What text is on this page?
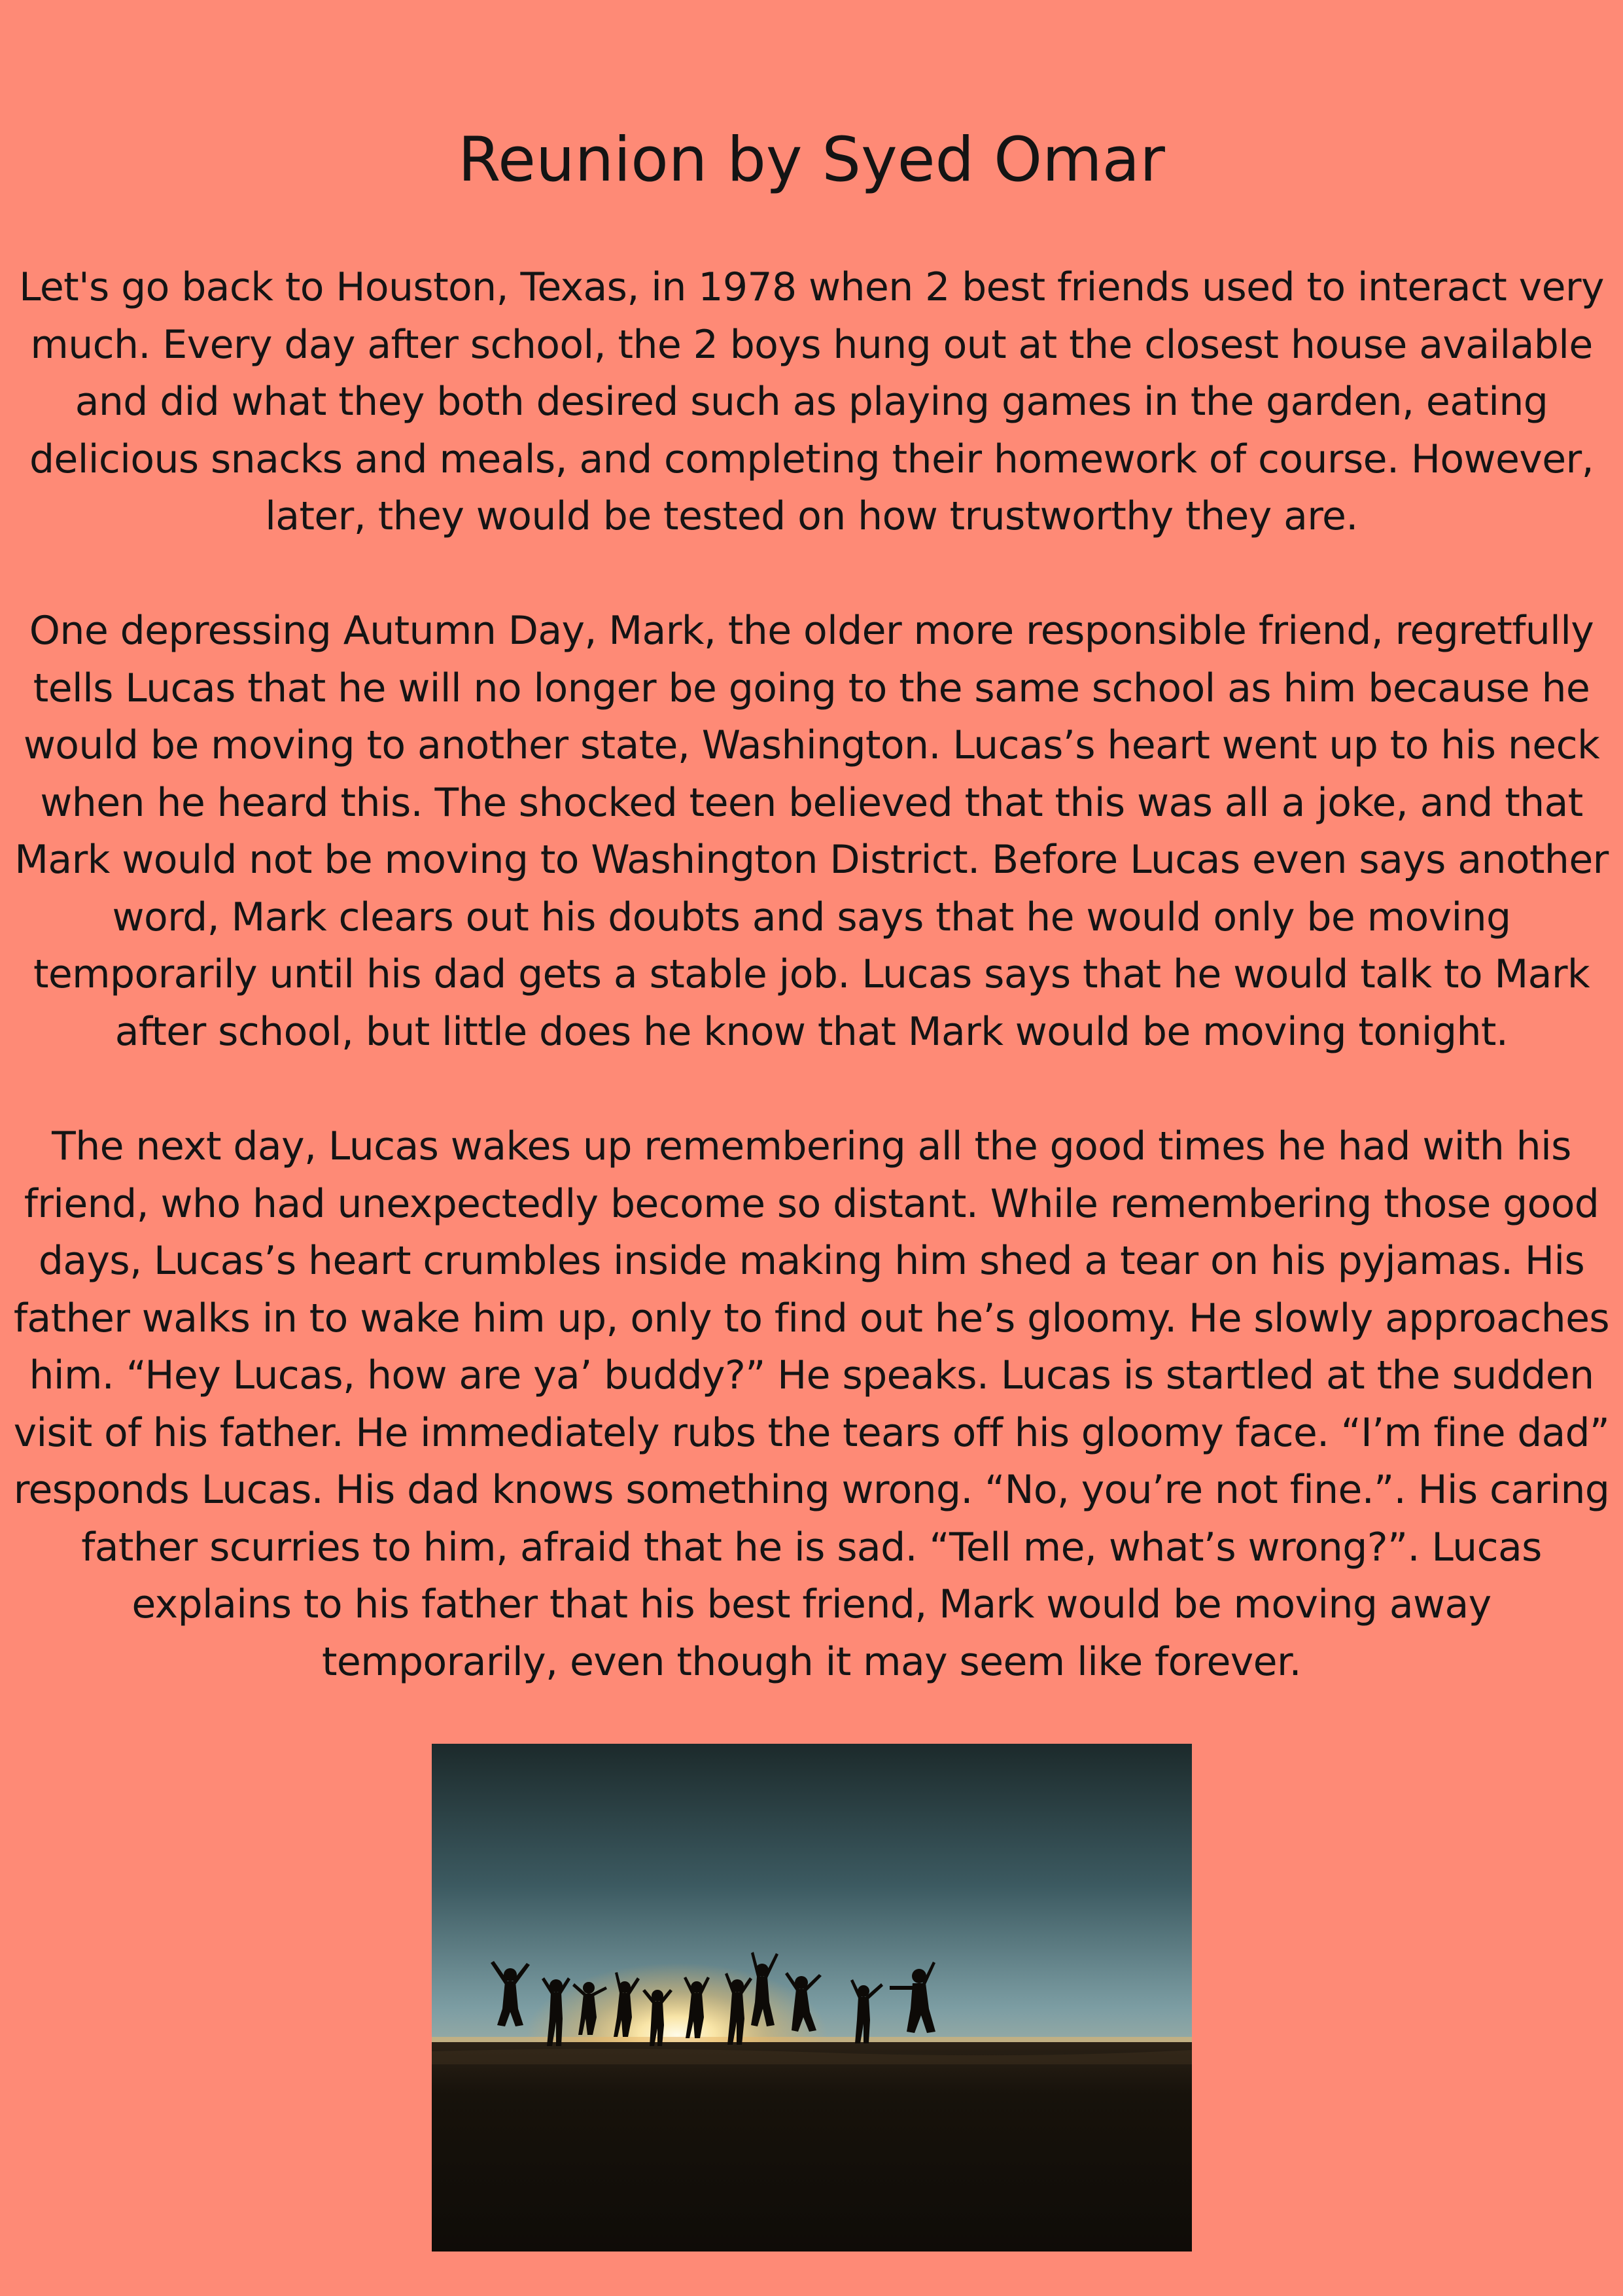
Reunion by Syed Omar

Let's go back to Houston, Texas, in 1978 when 2 best friends used to interact very
much. Every day after school, the 2 boys hung out at the closest house available
and did what they both desired such as playing games in the garden, eating
delicious snacks and meals, and completing their homework of course. However,
later, they would be tested on how trustworthy they are.

One depressing Autumn Day, Mark, the older more responsible friend, regretfully
tells Lucas that he will no longer be going to the same school as him because he
would be moving to another state, Washington. Lucas’s heart went up to his neck
when he heard this. The shocked teen believed that this was all a joke, and that
Mark would not be moving to Washington District. Before Lucas even says another
word, Mark clears out his doubts and says that he would only be moving
temporarily until his dad gets a stable job. Lucas says that he would talk to Mark
after school, but little does he know that Mark would be moving tonight.

The next day, Lucas wakes up remembering all the good times he had with his
friend, who had unexpectedly become so distant. While remembering those good
days, Lucas’s heart crumbles inside making him shed a tear on his pyjamas. His
father walks in to wake him up, only to find out he’s gloomy. He slowly approaches
him. “Hey Lucas, how are ya’ buddy?” He speaks. Lucas is startled at the sudden
visit of his father. He immediately rubs the tears off his gloomy face. “I’m fine dad”
responds Lucas. His dad knows something wrong. “No, you’re not fine.”. His caring
father scurries to him, afraid that he is sad. “Tell me, what’s wrong?”. Lucas
explains to his father that his best friend, Mark would be moving away
temporarily, even though it may seem like forever.
